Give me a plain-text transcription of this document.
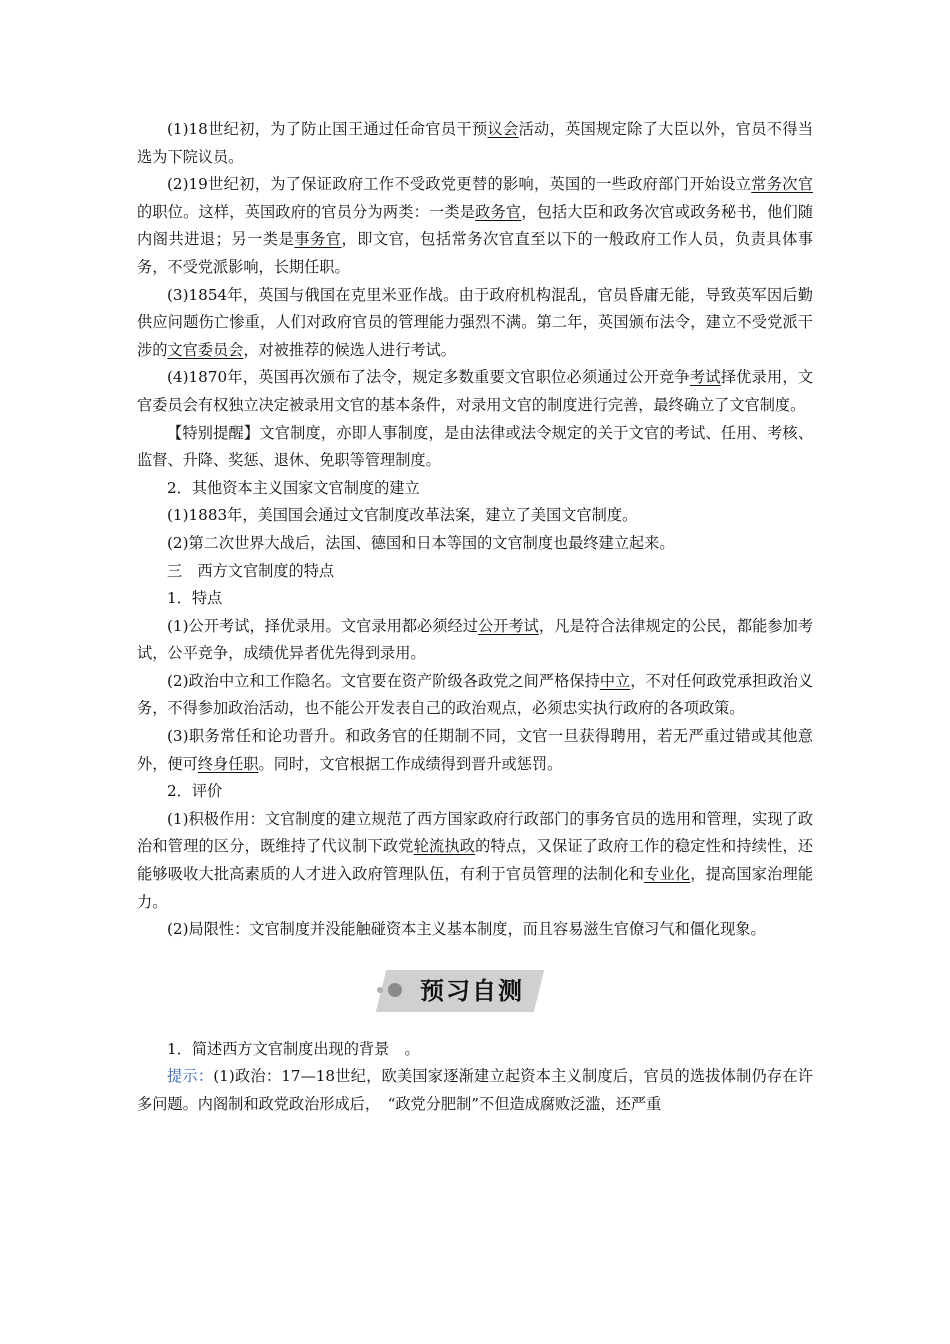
(1)18世纪初，为了防止国王通过任命官员干预议会活动，英国规定除了大臣以外，官员不得当选为下院议员。

(2)19世纪初，为了保证政府工作不受政党更替的影响，英国的一些政府部门开始设立常务次官的职位。这样，英国政府的官员分为两类：一类是政务官，包括大臣和政务次官或政务秘书，他们随内阁共进退；另一类是事务官，即文官，包括常务次官直至以下的一般政府工作人员，负责具体事务，不受党派影响，长期任职。

(3)1854年，英国与俄国在克里米亚作战。由于政府机构混乱，官员昏庸无能，导致英军因后勤供应问题伤亡惨重，人们对政府官员的管理能力强烈不满。第二年，英国颁布法令，建立不受党派干涉的文官委员会，对被推荐的候选人进行考试。

(4)1870年，英国再次颁布了法令，规定多数重要文官职位必须通过公开竞争考试择优录用，文官委员会有权独立决定被录用文官的基本条件，对录用文官的制度进行完善，最终确立了文官制度。

【特别提醒】文官制度，亦即人事制度，是由法律或法令规定的关于文官的考试、任用、考核、监督、升降、奖惩、退休、免职等管理制度。

2．其他资本主义国家文官制度的建立

(1)1883年，美国国会通过文官制度改革法案，建立了美国文官制度。

(2)第二次世界大战后，法国、德国和日本等国的文官制度也最终建立起来。

三　西方文官制度的特点

1．特点

(1)公开考试，择优录用。文官录用都必须经过公开考试，凡是符合法律规定的公民，都能参加考试，公平竞争，成绩优异者优先得到录用。

(2)政治中立和工作隐名。文官要在资产阶级各政党之间严格保持中立，不对任何政党承担政治义务，不得参加政治活动，也不能公开发表自己的政治观点，必须忠实执行政府的各项政策。

(3)职务常任和论功晋升。和政务官的任期制不同，文官一旦获得聘用，若无严重过错或其他意外，便可终身任职。同时，文官根据工作成绩得到晋升或惩罚。

2．评价

(1)积极作用：文官制度的建立规范了西方国家政府行政部门的事务官员的选用和管理，实现了政治和管理的区分，既维持了代议制下政党轮流执政的特点，又保证了政府工作的稳定性和持续性，还能够吸收大批高素质的人才进入政府管理队伍，有利于官员管理的法制化和专业化，提高国家治理能力。

(2)局限性：文官制度并没能触碰资本主义基本制度，而且容易滋生官僚习气和僵化现象。

预习自测

1．简述西方文官制度出现的背景　。

提示：(1)政治：17—18世纪，欧美国家逐渐建立起资本主义制度后，官员的选拔体制仍存在许多问题。内阁制和政党政治形成后，　“政党分肥制”不但造成腐败泛滥，还严重
